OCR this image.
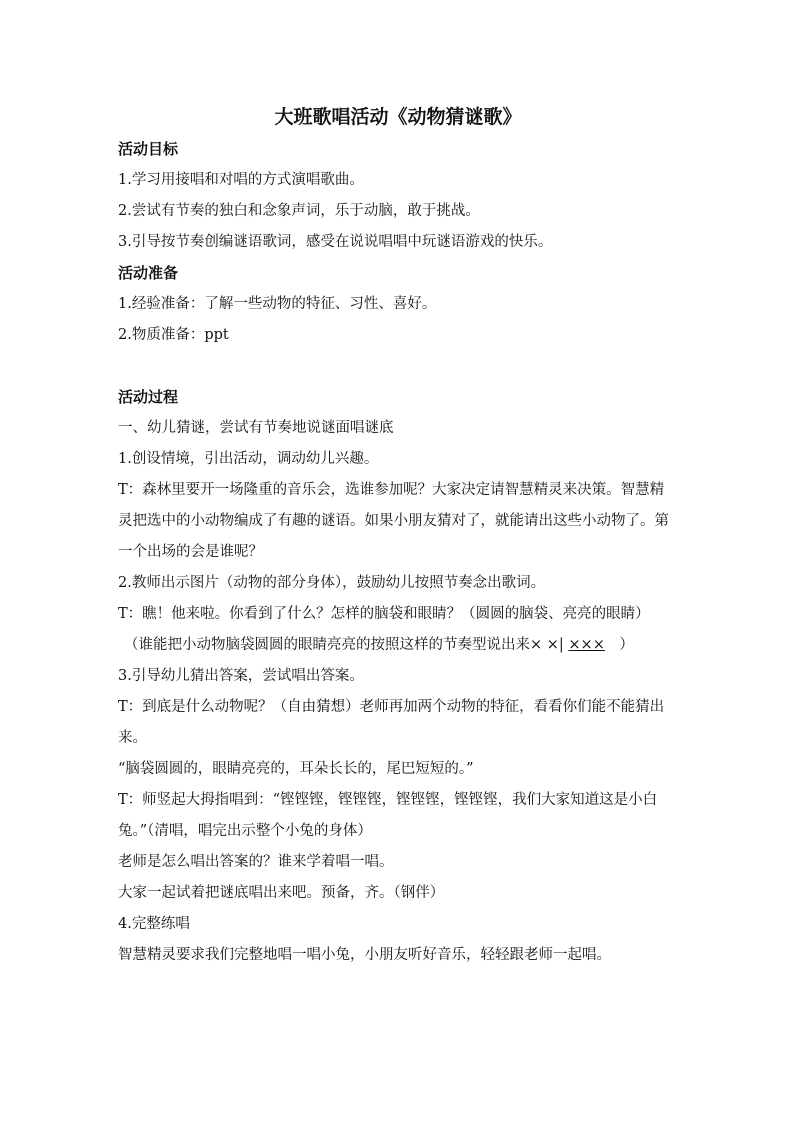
大班歌唱活动《动物猜谜歌》
活动目标
1.学习用接唱和对唱的方式演唱歌曲。
2.尝试有节奏的独白和念象声词，乐于动脑，敢于挑战。
3.引导按节奏创编谜语歌词，感受在说说唱唱中玩谜语游戏的快乐。
活动准备
1.经验准备：了解一些动物的特征、习性、喜好。
2.物质准备：ppt
活动过程
一、幼儿猜谜，尝试有节奏地说谜面唱谜底
1.创设情境，引出活动，调动幼儿兴趣。
T：森林里要开一场隆重的音乐会，选谁参加呢？大家决定请智慧精灵来决策。智慧精灵把选中的小动物编成了有趣的谜语。如果小朋友猜对了，就能请出这些小动物了。第一个出场的会是谁呢？
2.教师出示图片（动物的部分身体），鼓励幼儿按照节奏念出歌词。
T：瞧！他来啦。你看到了什么？怎样的脑袋和眼睛？（圆圆的脑袋、亮亮的眼睛）
（谁能把小动物脑袋圆圆的眼睛亮亮的按照这样的节奏型说出来× ×| ×××　）
3.引导幼儿猜出答案，尝试唱出答案。
T：到底是什么动物呢？（自由猜想）老师再加两个动物的特征，看看你们能不能猜出来。
“脑袋圆圆的，眼睛亮亮的，耳朵长长的，尾巴短短的。”
T：师竖起大拇指唱到：“铿铿铿，铿铿铿，铿铿铿，铿铿铿，我们大家知道这是小白兔。”（清唱，唱完出示整个小兔的身体）
老师是怎么唱出答案的？谁来学着唱一唱。
大家一起试着把谜底唱出来吧。预备，齐。（钢伴）
4.完整练唱
智慧精灵要求我们完整地唱一唱小兔，小朋友听好音乐，轻轻跟老师一起唱。
